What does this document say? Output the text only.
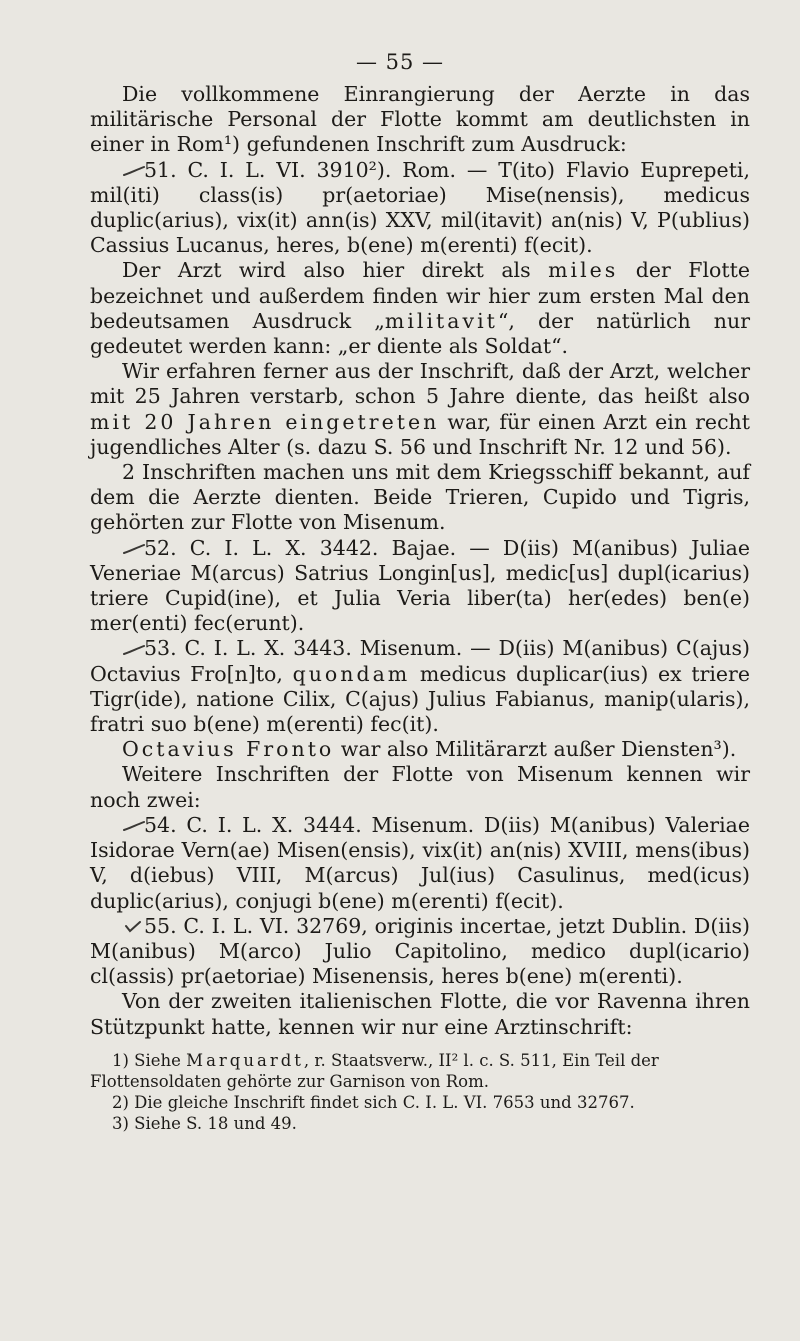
— 55 —

Die vollkommene Einrangierung der Aerzte in das militärische Personal der Flotte kommt am deutlichsten in einer in Rom¹) gefundenen Inschrift zum Ausdruck:

51. C. I. L. VI. 3910²). Rom. — T(ito) Flavio Euprepeti, mil(iti) class(is) pr(aetoriae) Mise(nensis), medicus duplic(arius), vix(it) ann(is) XXV, mil(itavit) an(nis) V, P(ublius) Cassius Lucanus, heres, b(ene) m(erenti) f(ecit).

Der Arzt wird also hier direkt als miles der Flotte bezeichnet und außerdem finden wir hier zum ersten Mal den bedeutsamen Ausdruck „militavit“, der natürlich nur gedeutet werden kann: „er diente als Soldat“.

Wir erfahren ferner aus der Inschrift, daß der Arzt, welcher mit 25 Jahren verstarb, schon 5 Jahre diente, das heißt also mit 20 Jahren eingetreten war, für einen Arzt ein recht jugendliches Alter (s. dazu S. 56 und Inschrift Nr. 12 und 56).

2 Inschriften machen uns mit dem Kriegsschiff bekannt, auf dem die Aerzte dienten. Beide Trieren, Cupido und Tigris, gehörten zur Flotte von Misenum.

52. C. I. L. X. 3442. Bajae. — D(iis) M(anibus) Juliae Veneriae M(arcus) Satrius Longin[us], medic[us] dupl(icarius) triere Cupid(ine), et Julia Veria liber(ta) her(edes) ben(e) mer(enti) fec(erunt).

53. C. I. L. X. 3443. Misenum. — D(iis) M(anibus) C(ajus) Octavius Fro[n]to, quondam medicus duplicar(ius) ex triere Tigr(ide), natione Cilix, C(ajus) Julius Fabianus, manip(ularis), fratri suo b(ene) m(erenti) fec(it).

Octavius Fronto war also Militärarzt außer Diensten³).

Weitere Inschriften der Flotte von Misenum kennen wir noch zwei:

54. C. I. L. X. 3444. Misenum. D(iis) M(anibus) Valeriae Isidorae Vern(ae) Misen(ensis), vix(it) an(nis) XVIII, mens(ibus) V, d(iebus) VIII, M(arcus) Jul(ius) Casulinus, med(icus) duplic(arius), conjugi b(ene) m(erenti) f(ecit).

55. C. I. L. VI. 32769, originis incertae, jetzt Dublin. D(iis) M(anibus) M(arco) Julio Capitolino, medico dupl(icario) cl(assis) pr(aetoriae) Misenensis, heres b(ene) m(erenti).

Von der zweiten italienischen Flotte, die vor Ravenna ihren Stützpunkt hatte, kennen wir nur eine Arztinschrift:

1) Siehe Marquardt, r. Staatsverw., II² l. c. S. 511, Ein Teil der Flottensoldaten gehörte zur Garnison von Rom.

2) Die gleiche Inschrift findet sich C. I. L. VI. 7653 und 32767.

3) Siehe S. 18 und 49.
